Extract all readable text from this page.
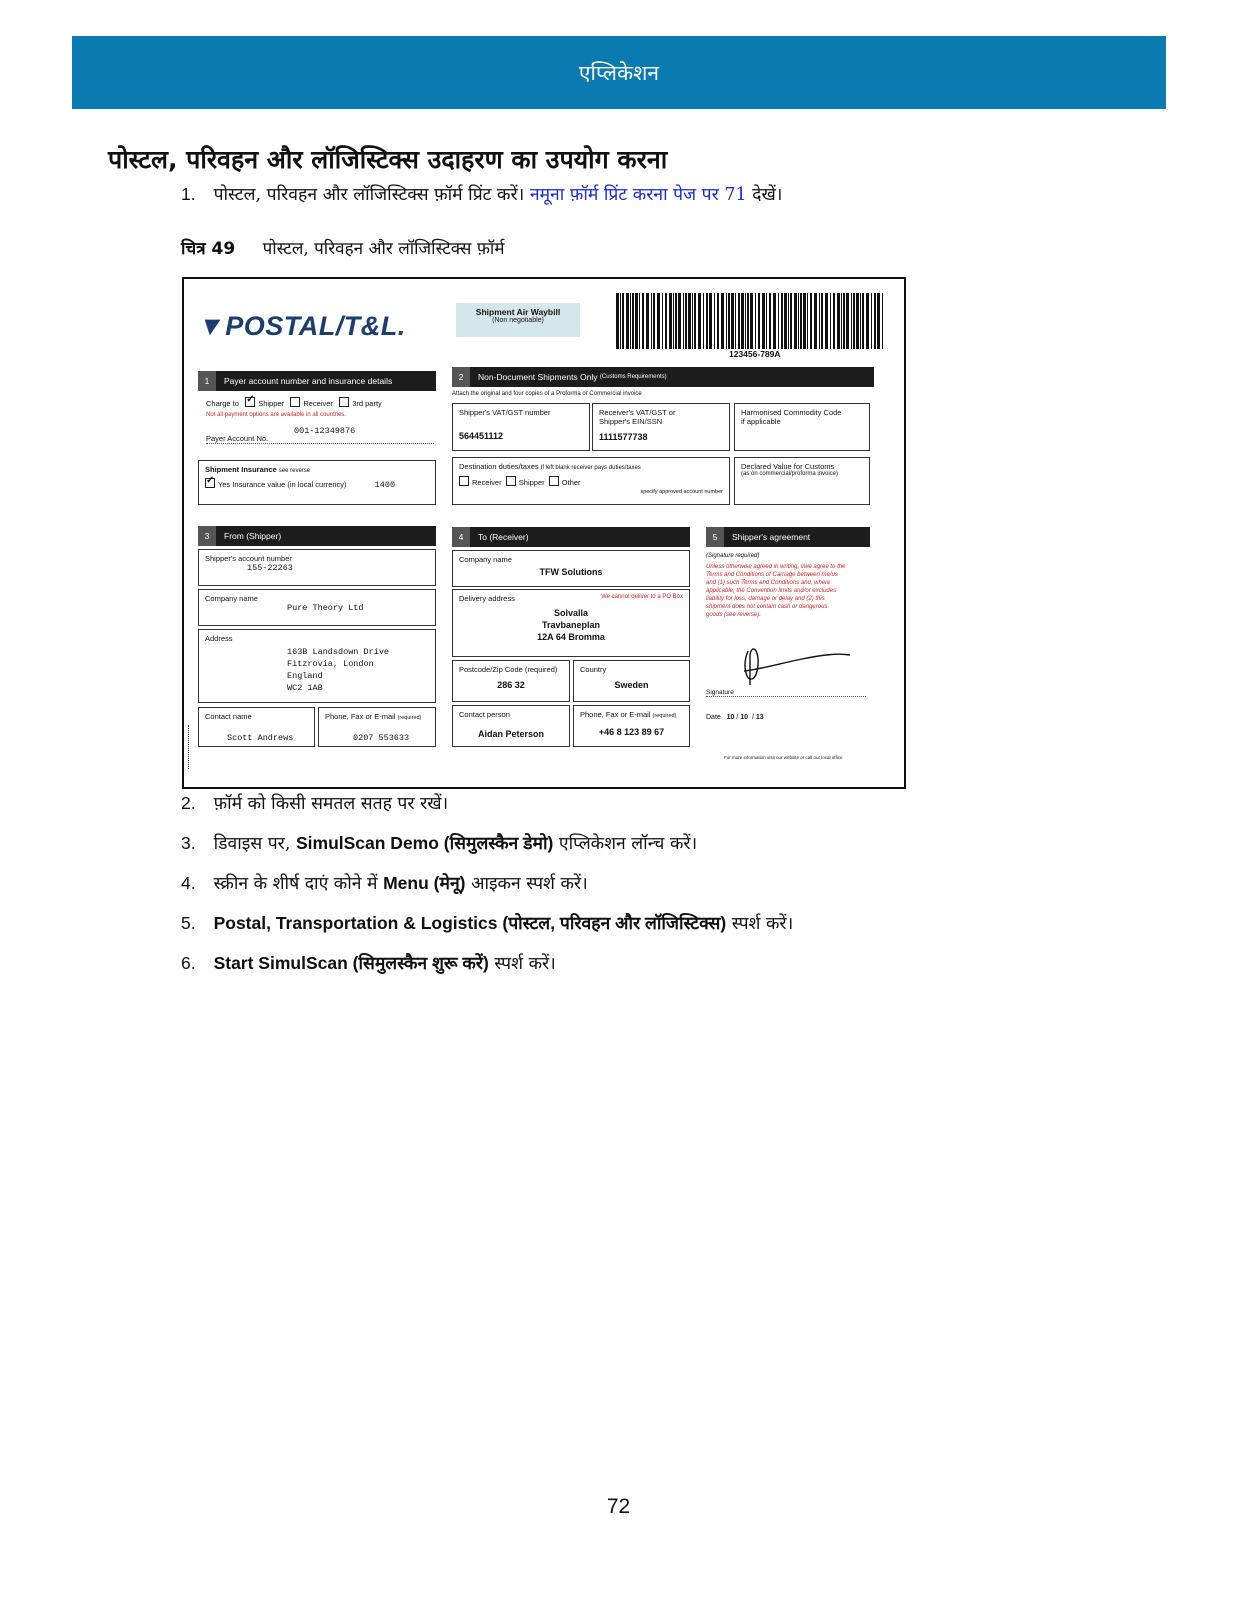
एप्लिकेशन
पोस्टल, परिवहन और लॉजिस्टिक्स उदाहरण का उपयोग करना
1. पोस्टल, परिवहन और लॉजिस्टिक्स फ़ॉर्म प्रिंट करें। नमूना फ़ॉर्म प्रिंट करना पेज पर 71 देखें।
चित्र 49 पोस्टल, परिवहन और लॉजिस्टिक्स फ़ॉर्म
▼POSTAL/T&L.	Shipment Air Waybill
(Non negotiable)
123456-789A
1	Payer account number and insurance details
Charge to   ✓	Shipper	Receiver	3rd party
Not all payment options are available in all countries.
Payer Account No.
001-12349876
Shipment Insurance see reverse
✓Yes Insurance value (in local currency)	1400
2	Non-Document Shipments Only
(Customs Requirements)
Attach the original and four copies of a Proforma or Commercial invoice
Shipper's VAT/GST number
564451112
Receiver's VAT/GST or
Shipper's EIN/SSN
1111577738
Harmonised Commodity Code
if applicable
Destination duties/taxes If left blank receiver pays duties/taxes
Receiver Shipper Other
specify approved account number
Declared Value for Customs
(as on commercial/proforma invoice)
3	From (Shipper)
Shipper's account number
155-22263
Company name
Pure Theory Ltd
Address
163B Landsdown Drive
Fitzrovia, London
England
WC2 1AB
Contact name
Scott Andrews
Phone, Fax or E-mail (required)
0207 553633
4	To (Receiver)
Company name
TFW Solutions
Delivery address	We cannot deliver to a PO Box
Solvalla
Travbaneplan
12A 64 Bromma
Postcode/Zip Code (required)
286 32
Country
Sweden
Contact person
Aidan Peterson
Phone, Fax or E-mail (required)
+46 8 123 89 67
5	Shipper's agreement
(Signature required)
Unless otherwise agreed in writing, I/we agree to the
Terms and Conditions of Carriage between me/us
and (1) such Terms and Conditions and, where
applicable, the Convention limits and/or excludes
liability for loss, damage or delay and (2) this
shipment does not contain cash or dangerous
goods (see reverse).
Signature
Date 10 / 10  / 13
For more information visit our website or call our local office
2. फ़ॉर्म को किसी समतल सतह पर रखें।
3. डिवाइस पर, SimulScan Demo (सिमुलस्कैन डेमो) एप्लिकेशन लॉन्च करें।
4. स्क्रीन के शीर्ष दाएं कोने में Menu (मेनू) आइकन स्पर्श करें।
5. Postal, Transportation & Logistics (पोस्टल, परिवहन और लॉजिस्टिक्स) स्पर्श करें।
6. Start SimulScan (सिमुलस्कैन शुरू करें) स्पर्श करें।
72
